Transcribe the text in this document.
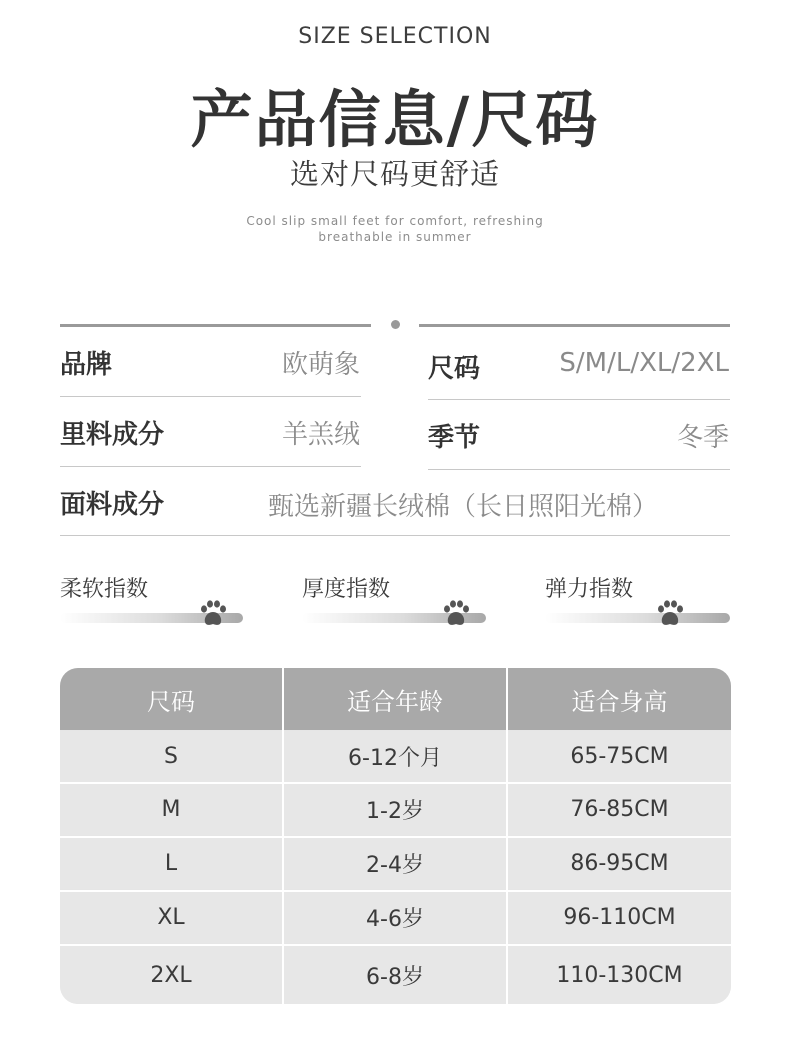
SIZE SELECTION
产品信息/尺码
选对尺码更舒适
Cool slip small feet for comfort, refreshing
breathable in summer
品牌	欧萌象	尺码	S/M/L/XL/2XL
里料成分	羊羔绒	季节	冬季
面料成分	甄选新疆长绒棉（长日照阳光棉）
柔软指数	厚度指数	弹力指数
尺码	适合年龄	适合身高
S	6-12个月	65-75CM
M	1-2岁	76-85CM
L	2-4岁	86-95CM
XL	4-6岁	96-110CM
2XL	6-8岁	110-130CM
